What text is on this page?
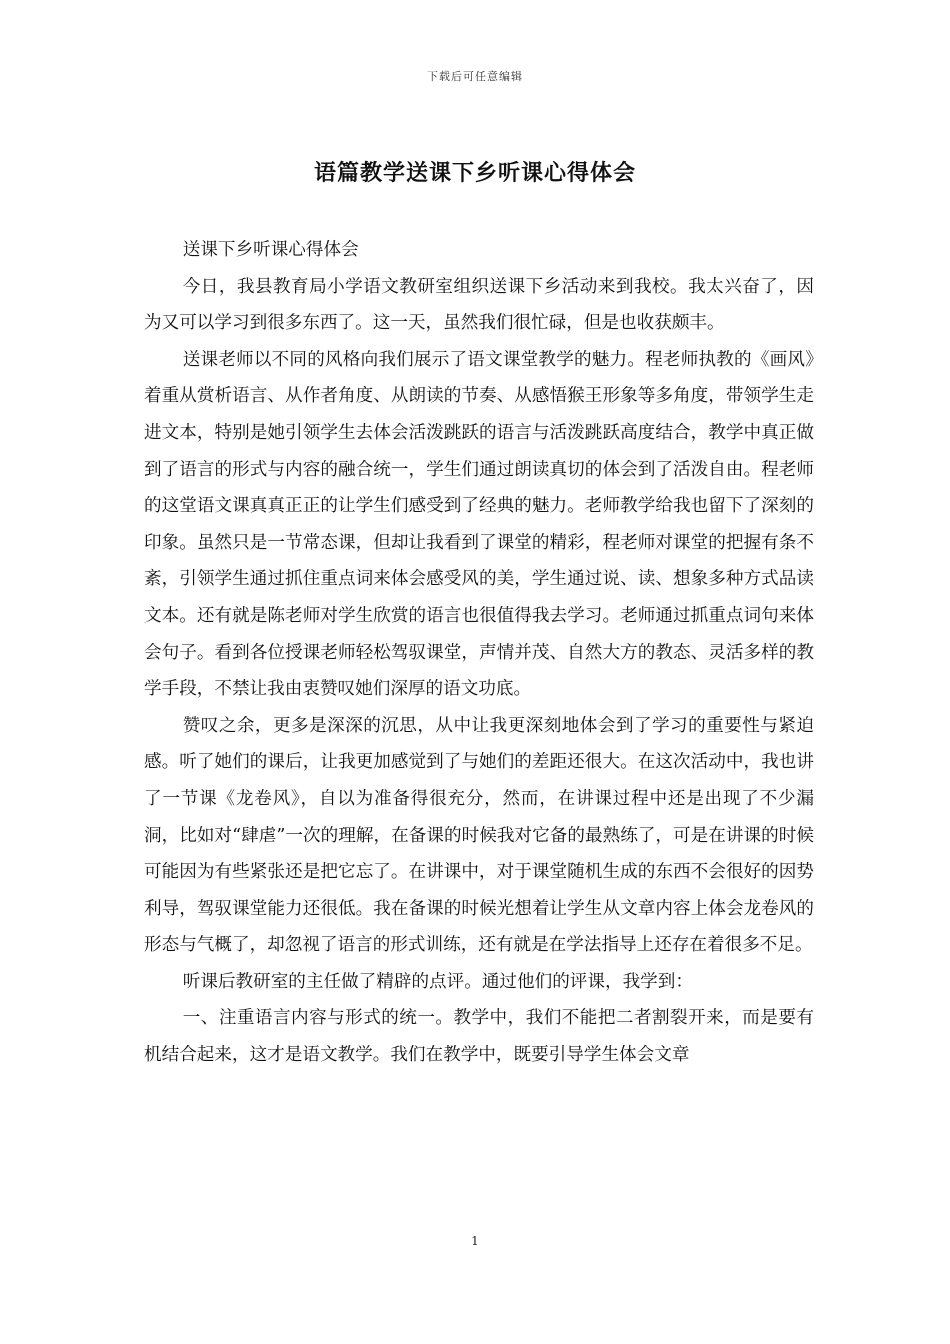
下载后可任意编辑
语篇教学送课下乡听课心得体会

送课下乡听课心得体会

今日，我县教育局小学语文教研室组织送课下乡活动来到我校。我太兴奋了，因为又可以学习到很多东西了。这一天，虽然我们很忙碌，但是也收获颇丰。

送课老师以不同的风格向我们展示了语文课堂教学的魅力。程老师执教的《画风》着重从赏析语言、从作者角度、从朗读的节奏、从感悟猴王形象等多角度，带领学生走进文本，特别是她引领学生去体会活泼跳跃的语言与活泼跳跃高度结合，教学中真正做到了语言的形式与内容的融合统一，学生们通过朗读真切的体会到了活泼自由。程老师的这堂语文课真真正正的让学生们感受到了经典的魅力。老师教学给我也留下了深刻的印象。虽然只是一节常态课，但却让我看到了课堂的精彩，程老师对课堂的把握有条不紊，引领学生通过抓住重点词来体会感受风的美，学生通过说、读、想象多种方式品读文本。还有就是陈老师对学生欣赏的语言也很值得我去学习。老师通过抓重点词句来体会句子。看到各位授课老师轻松驾驭课堂，声情并茂、自然大方的教态、灵活多样的教学手段，不禁让我由衷赞叹她们深厚的语文功底。

赞叹之余，更多是深深的沉思，从中让我更深刻地体会到了学习的重要性与紧迫感。听了她们的课后，让我更加感觉到了与她们的差距还很大。在这次活动中，我也讲了一节课《龙卷风》，自以为准备得很充分，然而，在讲课过程中还是出现了不少漏洞，比如对“肆虐”一次的理解，在备课的时候我对它备的最熟练了，可是在讲课的时候可能因为有些紧张还是把它忘了。在讲课中，对于课堂随机生成的东西不会很好的因势利导，驾驭课堂能力还很低。我在备课的时候光想着让学生从文章内容上体会龙卷风的形态与气概了，却忽视了语言的形式训练，还有就是在学法指导上还存在着很多不足。

听课后教研室的主任做了精辟的点评。通过他们的评课，我学到：

一、注重语言内容与形式的统一。教学中，我们不能把二者割裂开来，而是要有机结合起来，这才是语文教学。我们在教学中，既要引导学生体会文章

1
